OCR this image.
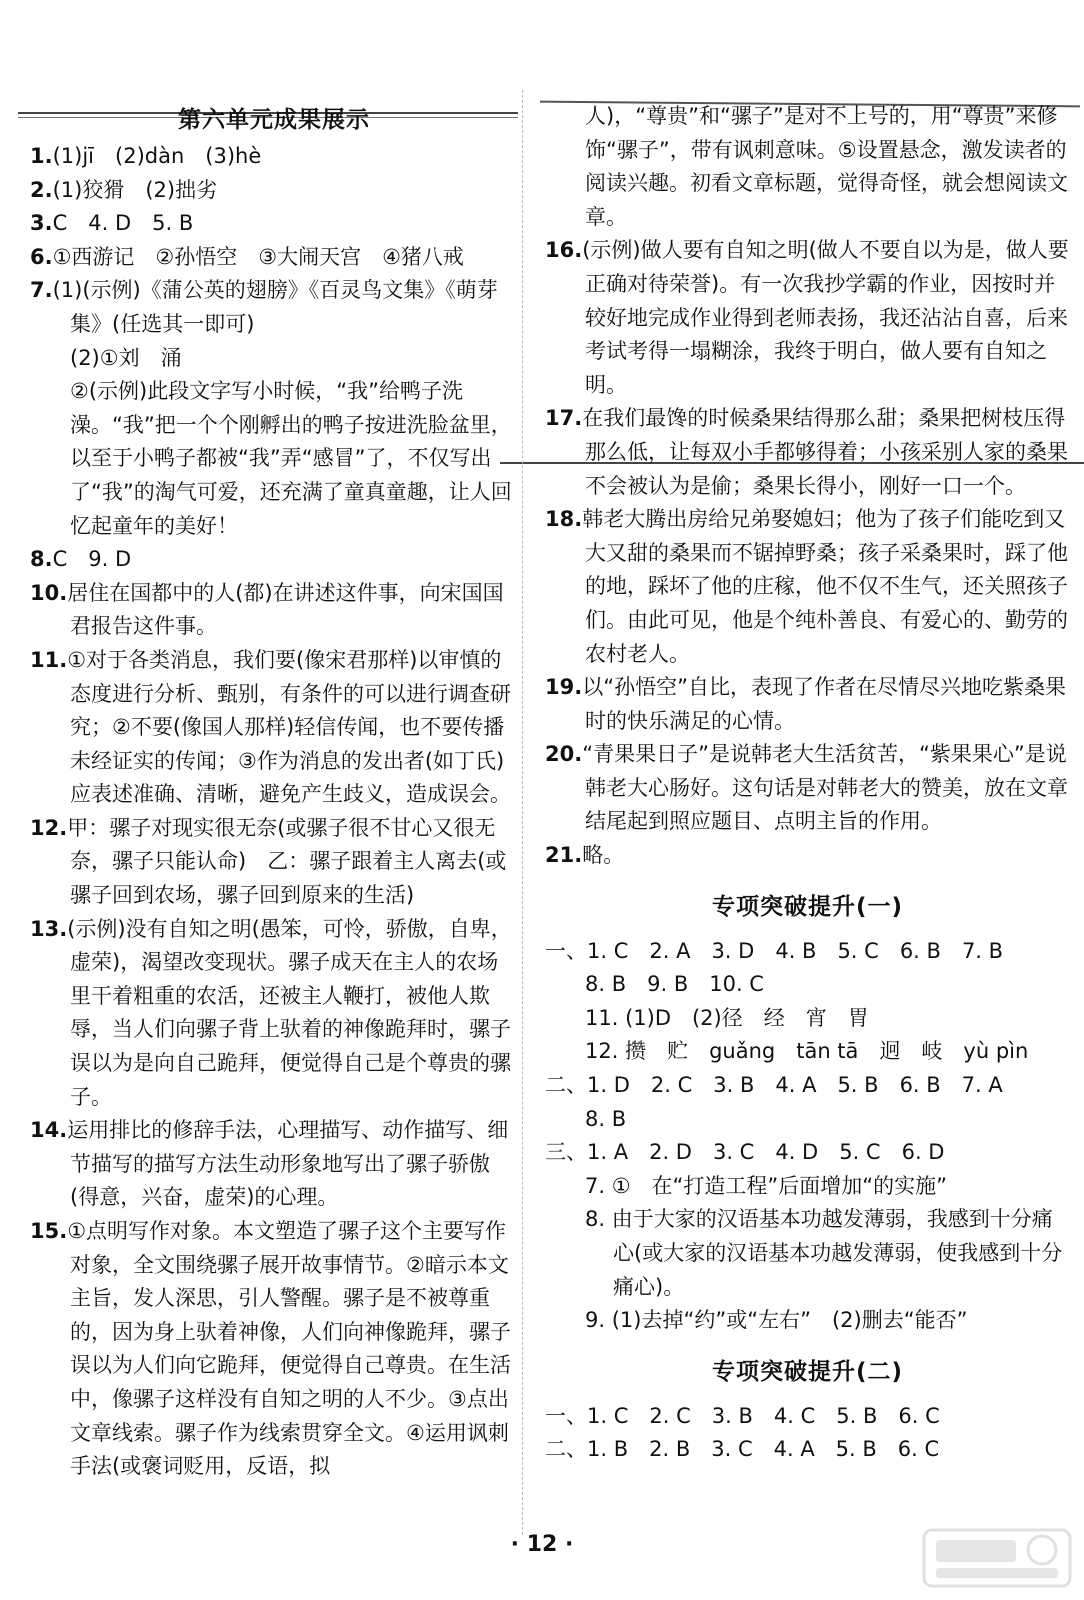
第六单元成果展示

1.(1)jī　(2)dàn　(3)hè

2.(1)狡猾　(2)拙劣

3.C　4. D　5. B

6.①西游记　②孙悟空　③大闹天宫　④猪八戒

7.(1)(示例)《蒲公英的翅膀》《百灵鸟文集》《萌芽集》(任选其一即可)

(2)①刘　涌

②(示例)此段文字写小时候，“我”给鸭子洗澡。“我”把一个个刚孵出的鸭子按进洗脸盆里，以至于小鸭子都被“我”弄“感冒”了，不仅写出了“我”的淘气可爱，还充满了童真童趣，让人回忆起童年的美好！

8.C　9. D

10.居住在国都中的人(都)在讲述这件事，向宋国国君报告这件事。

11.①对于各类消息，我们要(像宋君那样)以审慎的态度进行分析、甄别，有条件的可以进行调查研究；②不要(像国人那样)轻信传闻，也不要传播未经证实的传闻；③作为消息的发出者(如丁氏)应表述准确、清晰，避免产生歧义，造成误会。

12.甲：骡子对现实很无奈(或骡子很不甘心又很无奈，骡子只能认命)　乙：骡子跟着主人离去(或骡子回到农场，骡子回到原来的生活)

13.(示例)没有自知之明(愚笨，可怜，骄傲，自卑，虚荣)，渴望改变现状。骡子成天在主人的农场里干着粗重的农活，还被主人鞭打，被他人欺辱，当人们向骡子背上驮着的神像跪拜时，骡子误以为是向自己跪拜，便觉得自己是个尊贵的骡子。

14.运用排比的修辞手法，心理描写、动作描写、细节描写的描写方法生动形象地写出了骡子骄傲(得意，兴奋，虚荣)的心理。

15.①点明写作对象。本文塑造了骡子这个主要写作对象，全文围绕骡子展开故事情节。②暗示本文主旨，发人深思，引人警醒。骡子是不被尊重的，因为身上驮着神像，人们向神像跪拜，骡子误以为人们向它跪拜，便觉得自己尊贵。在生活中，像骡子这样没有自知之明的人不少。③点出文章线索。骡子作为线索贯穿全文。④运用讽刺手法(或褒词贬用，反语，拟

人)，“尊贵”和“骡子”是对不上号的，用“尊贵”来修饰“骡子”，带有讽刺意味。⑤设置悬念，激发读者的阅读兴趣。初看文章标题，觉得奇怪，就会想阅读文章。

16.(示例)做人要有自知之明(做人不要自以为是，做人要正确对待荣誉)。有一次我抄学霸的作业，因按时并较好地完成作业得到老师表扬，我还沾沾自喜，后来考试考得一塌糊涂，我终于明白，做人要有自知之明。

17.在我们最馋的时候桑果结得那么甜；桑果把树枝压得那么低，让每双小手都够得着；小孩采别人家的桑果不会被认为是偷；桑果长得小，刚好一口一个。

18.韩老大腾出房给兄弟娶媳妇；他为了孩子们能吃到又大又甜的桑果而不锯掉野桑；孩子采桑果时，踩了他的地，踩坏了他的庄稼，他不仅不生气，还关照孩子们。由此可见，他是个纯朴善良、有爱心的、勤劳的农村老人。

19.以“孙悟空”自比，表现了作者在尽情尽兴地吃紫桑果时的快乐满足的心情。

20.“青果果日子”是说韩老大生活贫苦，“紫果果心”是说韩老大心肠好。这句话是对韩老大的赞美，放在文章结尾起到照应题目、点明主旨的作用。

21.略。

专项突破提升(一)

一、1. C　2. A　3. D　4. B　5. C　6. B　7. B

8. B　9. B　10. C

11. (1)D　(2)径　经　宵　胃

12. 攒　贮　guǎng　tān tā　迥　岐　yù pìn

二、1. D　2. C　3. B　4. A　5. B　6. B　7. A

8. B

三、1. A　2. D　3. C　4. D　5. C　6. D

7. ①　在“打造工程”后面增加“的实施”

8. 由于大家的汉语基本功越发薄弱，我感到十分痛心(或大家的汉语基本功越发薄弱，使我感到十分痛心)。

9. (1)去掉“约”或“左右”　(2)删去“能否”

专项突破提升(二)

一、1. C　2. C　3. B　4. C　5. B　6. C

二、1. B　2. B　3. C　4. A　5. B　6. C

· 12 ·
